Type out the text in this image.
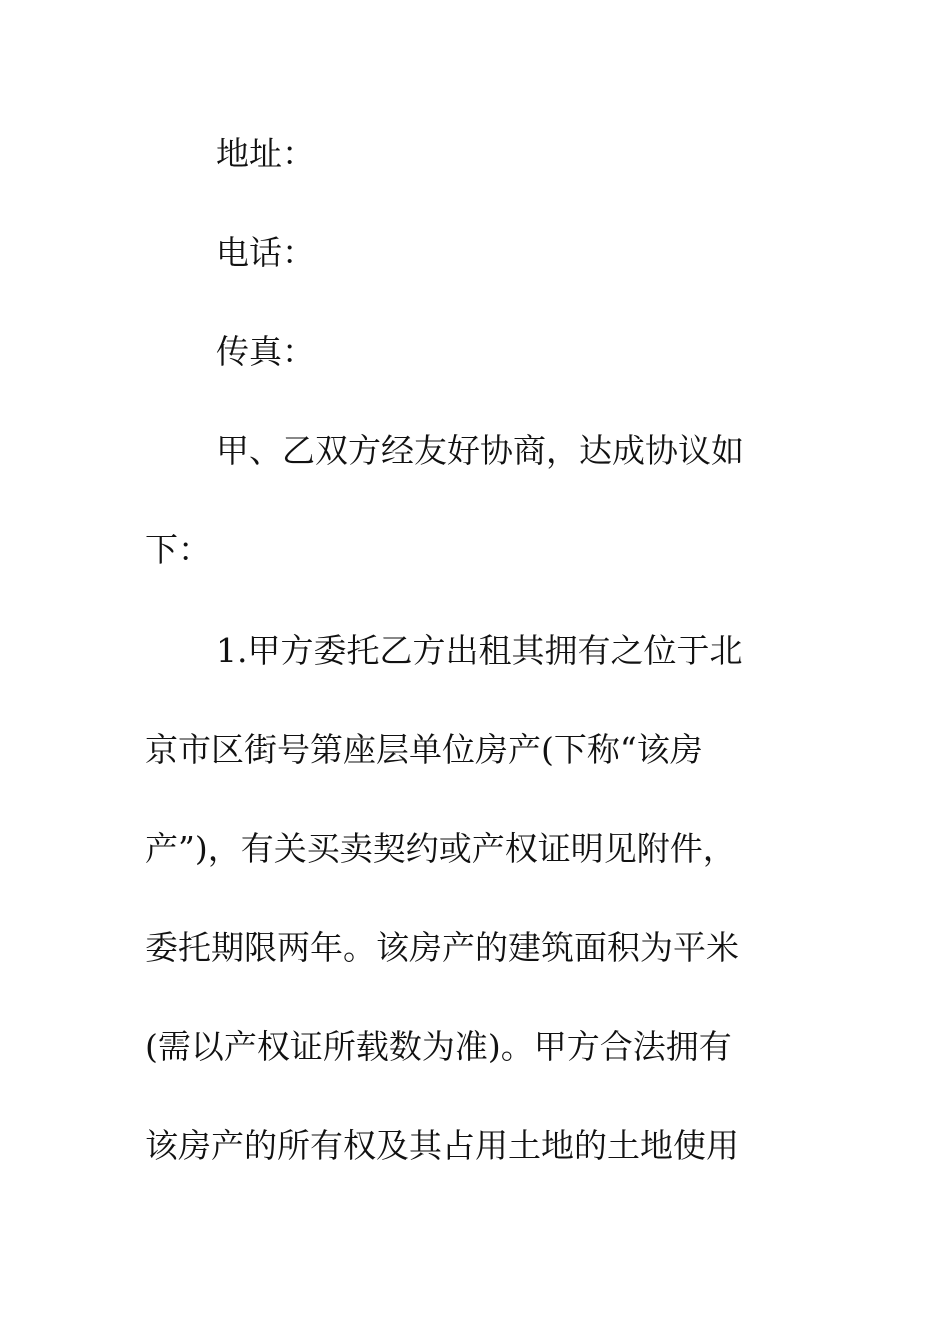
地址：

电话：

传真：

甲、乙双方经友好协商，达成协议如

下：

1.甲方委托乙方出租其拥有之位于北

京市区街号第座层单位房产(下称“该房

产”)，有关买卖契约或产权证明见附件，

委托期限两年。该房产的建筑面积为平米

(需以产权证所载数为准)。甲方合法拥有

该房产的所有权及其占用土地的土地使用
